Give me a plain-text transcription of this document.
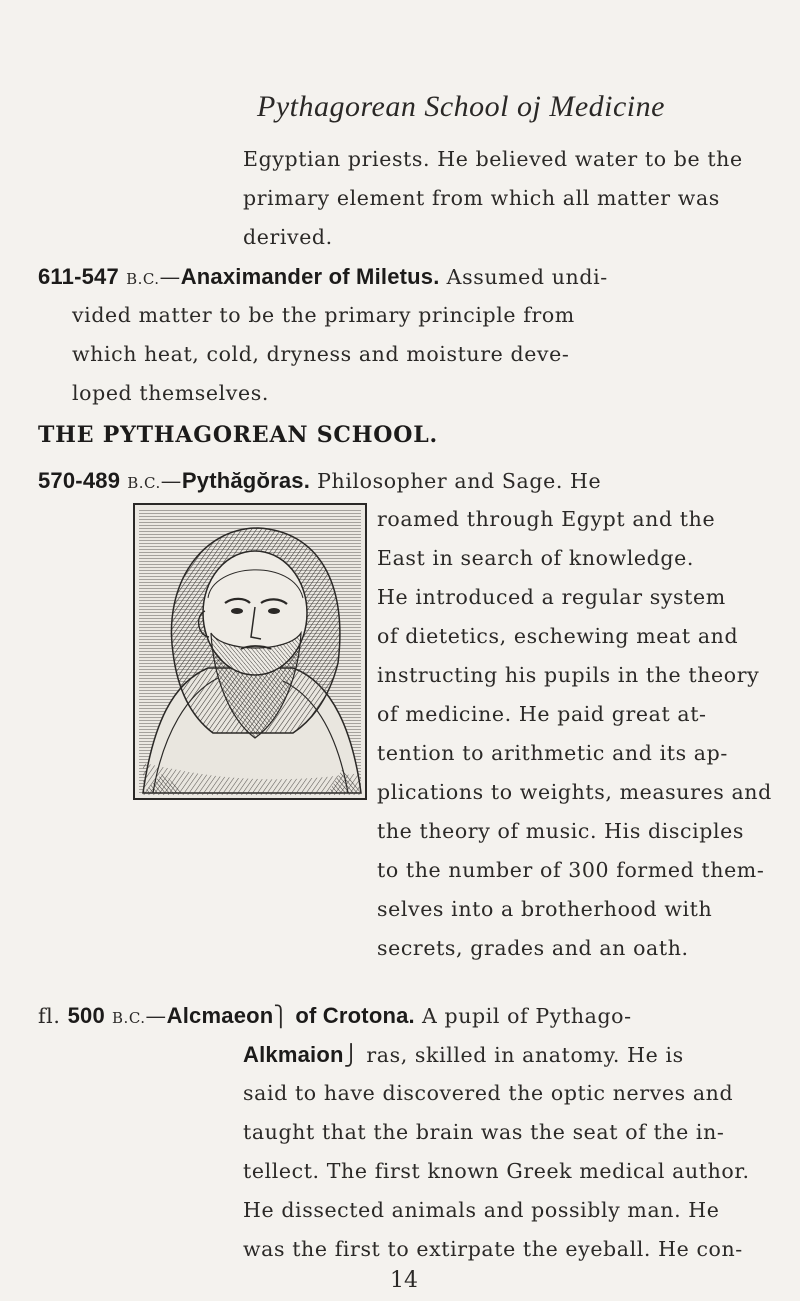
Pythagorean School oj Medicine
Egyptian priests. He believed water to be the
primary element from which all matter was
derived.
611-547 B.C.—Anaximander of Miletus. Assumed undi-
vided matter to be the primary principle from
which heat, cold, dryness and moisture deve-
loped themselves.
THE PYTHAGOREAN SCHOOL.
570-489 B.C.—Pythăgŏras. Philosopher and Sage. He
roamed through Egypt and the
East in search of knowledge.
He introduced a regular system
of dietetics, eschewing meat and
instructing his pupils in the theory
of medicine. He paid great at-
tention to arithmetic and its ap-
plications to weights, measures and
the theory of music. His disciples
to the number of 300 formed them-
selves into a brotherhood with
secrets, grades and an oath.
fl. 500 B.C.—Alcmaeon⎫ of Crotona. A pupil of Pythago-
Alkmaion⎭ ras, skilled in anatomy. He is
said to have discovered the optic nerves and
taught that the brain was the seat of the in-
tellect. The first known Greek medical author.
He dissected animals and possibly man. He
was the first to extirpate the eyeball. He con-
14
